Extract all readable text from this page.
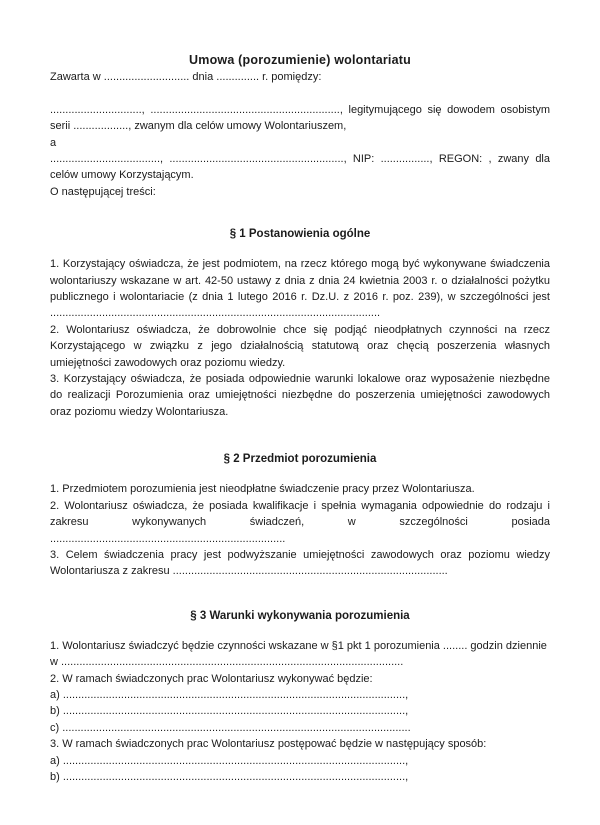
Umowa (porozumienie) wolontariatu

Zawarta w ............................ dnia .............. r. pomiędzy:

.............................., .............................................................., legitymującego się dowodem osobistym serii .................., zwanym dla celów umowy Wolontariuszem,

a

...................................., ........................................................., NIP: ................, REGON: , zwany dla celów umowy Korzystającym.

O następującej treści:

§ 1 Postanowienia ogólne

1. Korzystający oświadcza, że jest podmiotem, na rzecz którego mogą być wykonywane świadczenia wolontariuszy wskazane w art. 42-50 ustawy z dnia z dnia 24 kwietnia 2003 r. o działalności pożytku publicznego i wolontariacie (z dnia 1 lutego 2016 r. Dz.U. z 2016 r. poz. 239), w szczególności jest ............................................................................................................

2. Wolontariusz oświadcza, że dobrowolnie chce się podjąć nieodpłatnych czynności na rzecz Korzystającego w związku z jego działalnością statutową oraz chęcią poszerzenia własnych umiejętności zawodowych oraz poziomu wiedzy.

3. Korzystający oświadcza, że posiada odpowiednie warunki lokalowe oraz wyposażenie niezbędne do realizacji Porozumienia oraz umiejętności niezbędne do poszerzenia umiejętności zawodowych oraz poziomu wiedzy Wolontariusza.

§ 2 Przedmiot porozumienia

1. Przedmiotem porozumienia jest nieodpłatne świadczenie pracy przez Wolontariusza.

2. Wolontariusz oświadcza, że posiada kwalifikacje i spełnia wymagania odpowiednie do rodzaju i zakresu wykonywanych świadczeń, w szczególności posiada .............................................................................

3. Celem świadczenia pracy jest podwyższanie umiejętności zawodowych oraz poziomu wiedzy Wolontariusza z zakresu ..........................................................................................

§ 3 Warunki wykonywania porozumienia

1. Wolontariusz świadczyć będzie czynności wskazane w §1 pkt 1 porozumienia ........ godzin dziennie

w ................................................................................................................

2. W ramach świadczonych prac Wolontariusz wykonywać będzie:

a) ................................................................................................................,

b) ................................................................................................................,

c) ..................................................................................................................

3. W ramach świadczonych prac Wolontariusz postępować będzie w następujący sposób:

a) ................................................................................................................,

b) ................................................................................................................,
